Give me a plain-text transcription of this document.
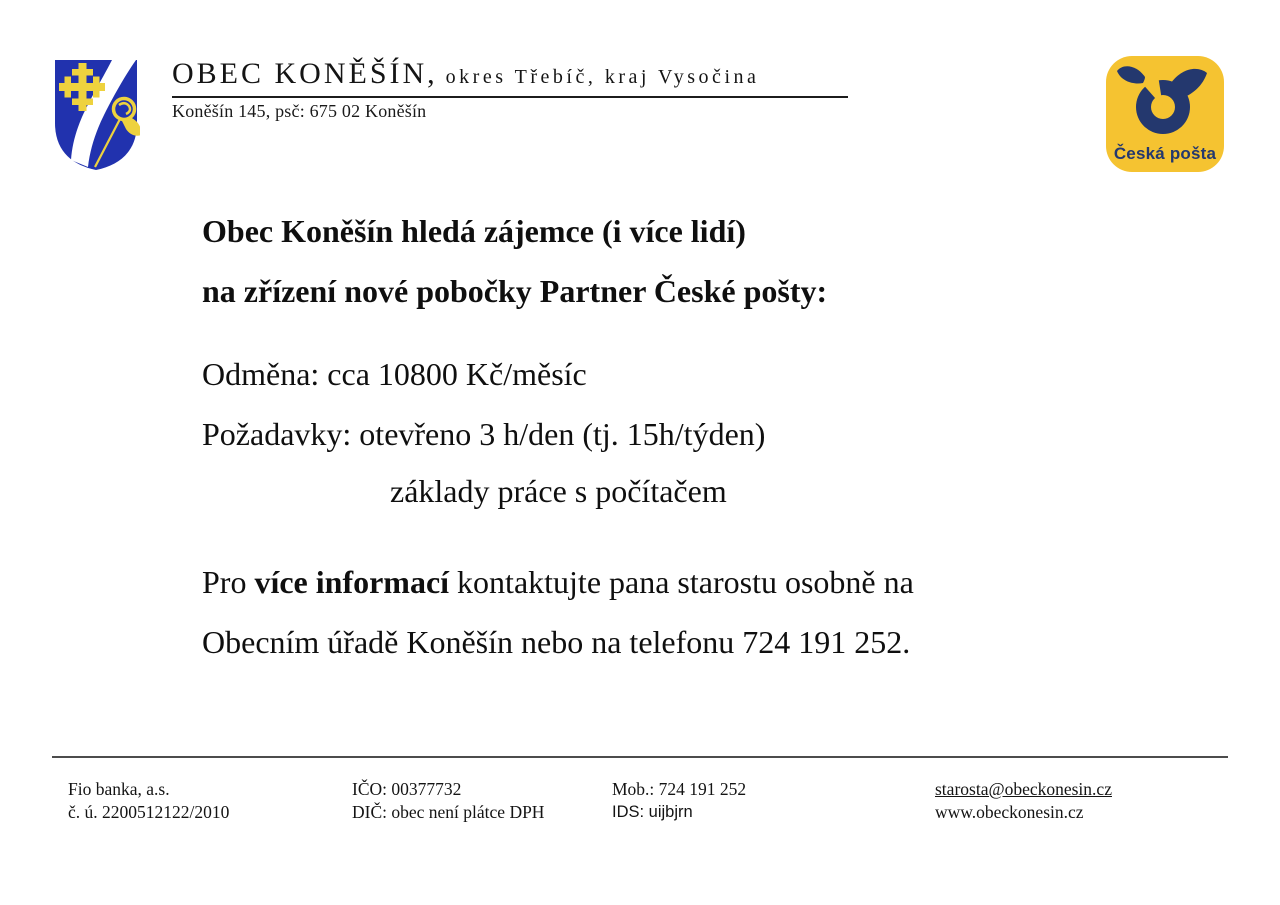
OBEC KONĚŠÍN, okres Třebíč, kraj Vysočina
Koněšín 145, psč: 675 02 Koněšín
Česká pošta
Obec Koněšín hledá zájemce (i více lidí)
na zřízení nové pobočky Partner České pošty:
Odměna: cca 10800 Kč/měsíc
Požadavky: otevřeno 3 h/den (tj. 15h/týden)
základy práce s počítačem
Pro více informací kontaktujte pana starostu osobně na
Obecním úřadě Koněšín nebo na telefonu 724 191 252.
Fio banka, a.s.
č. ú. 2200512122/2010
IČO: 00377732
DIČ: obec není plátce DPH
Mob.: 724 191 252
IDS: uijbjrn
starosta@obeckonesin.cz
www.obeckonesin.cz
